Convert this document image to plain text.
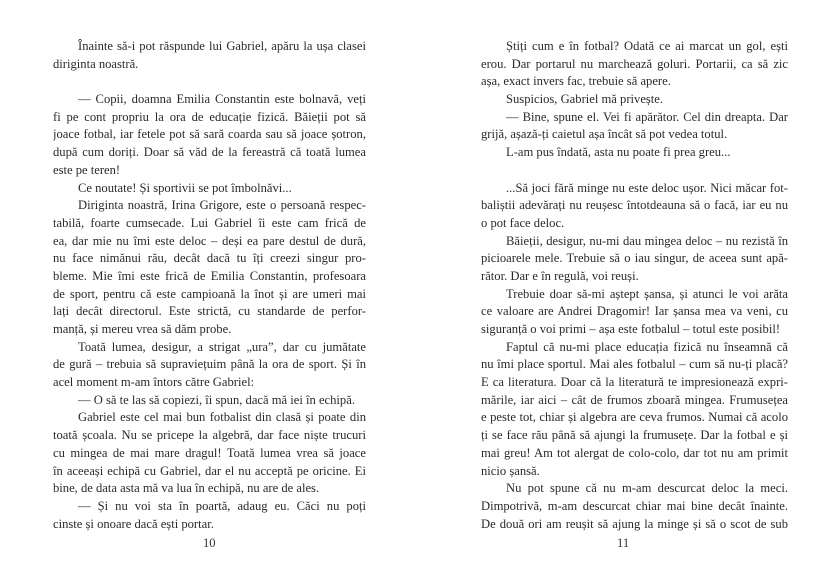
Înainte să-i pot răspunde lui Gabriel, apăru la ușa clasei
diriginta noastră.
— Copii, doamna Emilia Constantin este bolnavă, veți
fi pe cont propriu la ora de educație fizică. Băieții pot să
joace fotbal, iar fetele pot să sară coarda sau să joace șotron,
după cum doriți. Doar să văd de la fereastră că toată lumea
este pe teren!
Ce noutate! Și sportivii se pot îmbolnăvi...
Diriginta noastră, Irina Grigore, este o persoană respec-
tabilă, foarte cumsecade. Lui Gabriel îi este cam frică de
ea, dar mie nu îmi este deloc – deși ea pare destul de dură,
nu face nimănui rău, decât dacă tu îți creezi singur pro-
bleme. Mie îmi este frică de Emilia Constantin, profesoara
de sport, pentru că este campioană la înot și are umeri mai
lați decât directorul. Este strictă, cu standarde de perfor-
manță, și mereu vrea să dăm probe.
Toată lumea, desigur, a strigat „ura”, dar cu jumătate
de gură – trebuia să supraviețuim până la ora de sport. Și în
acel moment m-am întors către Gabriel:
— O să te las să copiezi, îi spun, dacă mă iei în echipă.
Gabriel este cel mai bun fotbalist din clasă și poate din
toată școala. Nu se pricepe la algebră, dar face niște trucuri
cu mingea de mai mare dragul! Toată lumea vrea să joace
în aceeași echipă cu Gabriel, dar el nu acceptă pe oricine. Ei
bine, de data asta mă va lua în echipă, nu are de ales.
— Și nu voi sta în poartă, adaug eu. Căci nu poți
cinste și onoare dacă ești portar.
Știți cum e în fotbal? Odată ce ai marcat un gol, ești
erou. Dar portarul nu marchează goluri. Portarii, ca să zic
așa, exact invers fac, trebuie să apere.
Suspicios, Gabriel mă privește.
— Bine, spune el. Vei fi apărător. Cel din dreapta. Dar
grijă, așază-ți caietul așa încât să pot vedea totul.
L-am pus îndată, asta nu poate fi prea greu...
...Să joci fără minge nu este deloc ușor. Nici măcar fot-
baliștii adevărați nu reușesc întotdeauna să o facă, iar eu nu
o pot face deloc.
Băieții, desigur, nu-mi dau mingea deloc – nu rezistă în
picioarele mele. Trebuie să o iau singur, de aceea sunt apă-
rător. Dar e în regulă, voi reuși.
Trebuie doar să-mi aștept șansa, și atunci le voi arăta
ce valoare are Andrei Dragomir! Iar șansa mea va veni, cu
siguranță o voi primi – așa este fotbalul – totul este posibil!
Faptul că nu-mi place educația fizică nu înseamnă că
nu îmi place sportul. Mai ales fotbalul – cum să nu-ți placă?
E ca literatura. Doar că la literatură te impresionează expri-
mările, iar aici – cât de frumos zboară mingea. Frumusețea
e peste tot, chiar și algebra are ceva frumos. Numai că acolo
ți se face rău până să ajungi la frumusețe. Dar la fotbal e și
mai greu! Am tot alergat de colo-colo, dar tot nu am primit
nicio șansă.
Nu pot spune că nu m-am descurcat deloc la meci.
Dimpotrivă, m-am descurcat chiar mai bine decât înainte.
De două ori am reușit să ajung la minge și să o scot de sub
10	11
